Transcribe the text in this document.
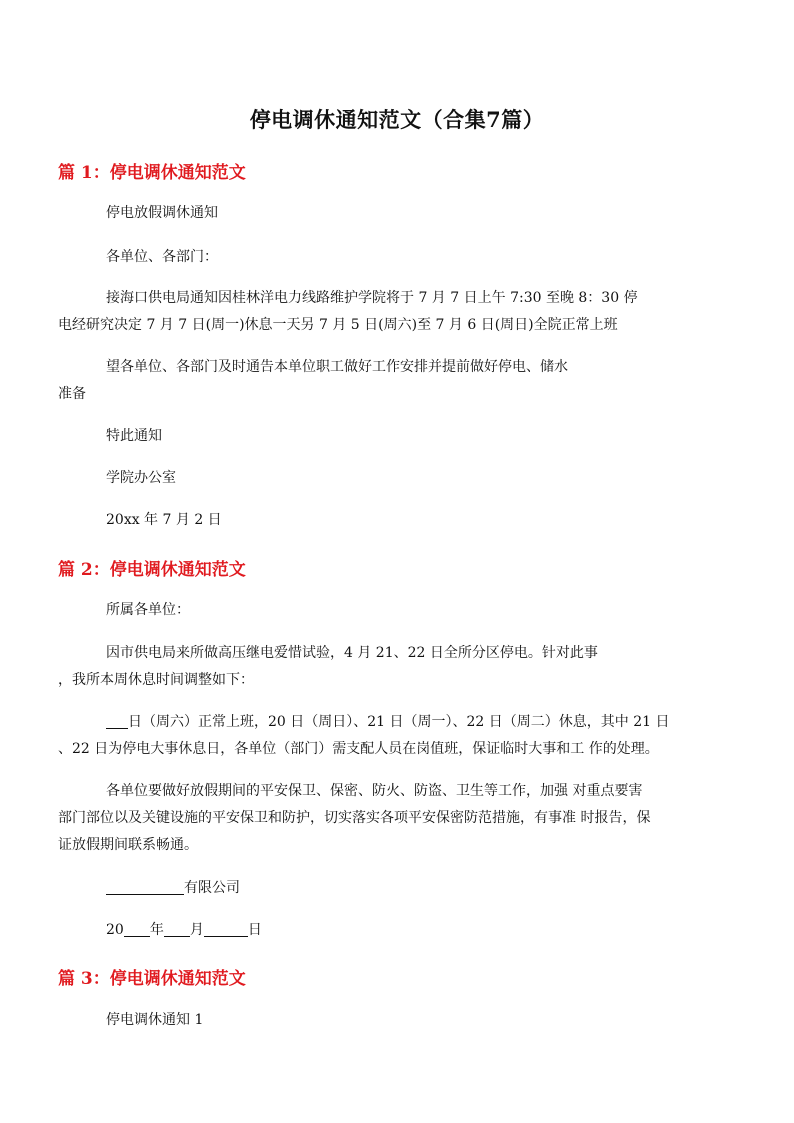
停电调休通知范文（合集7篇）
篇 1：停电调休通知范文
停电放假调休通知
各单位、各部门：
接海口供电局通知因桂林洋电力线路维护学院将于 7 月 7 日上午 7:30 至晚 8：30 停
电经研究决定 7 月 7 日(周一)休息一天另 7 月 5 日(周六)至 7 月 6 日(周日)全院正常上班
望各单位、各部门及时通告本单位职工做好工作安排并提前做好停电、储水
准备
特此通知
学院办公室
20xx 年 7 月 2 日
篇 2：停电调休通知范文
所属各单位：
因市供电局来所做高压继电爱惜试验，4 月 21、22 日全所分区停电。针对此事
，我所本周休息时间调整如下：
日（周六）正常上班，20 日（周日）、21 日（周一）、22 日（周二）休息，其中 21 日
、22 日为停电大事休息日，各单位（部门）需支配人员在岗值班，保证临时大事和工 作的处理。
各单位要做好放假期间的平安保卫、保密、防火、防盗、卫生等工作，加强 对重点要害
部门部位以及关键设施的平安保卫和防护，切实落实各项平安保密防范措施，有事准 时报告，保
证放假期间联系畅通。
有限公司
20 年 月	日
篇 3：停电调休通知范文
停电调休通知 1
